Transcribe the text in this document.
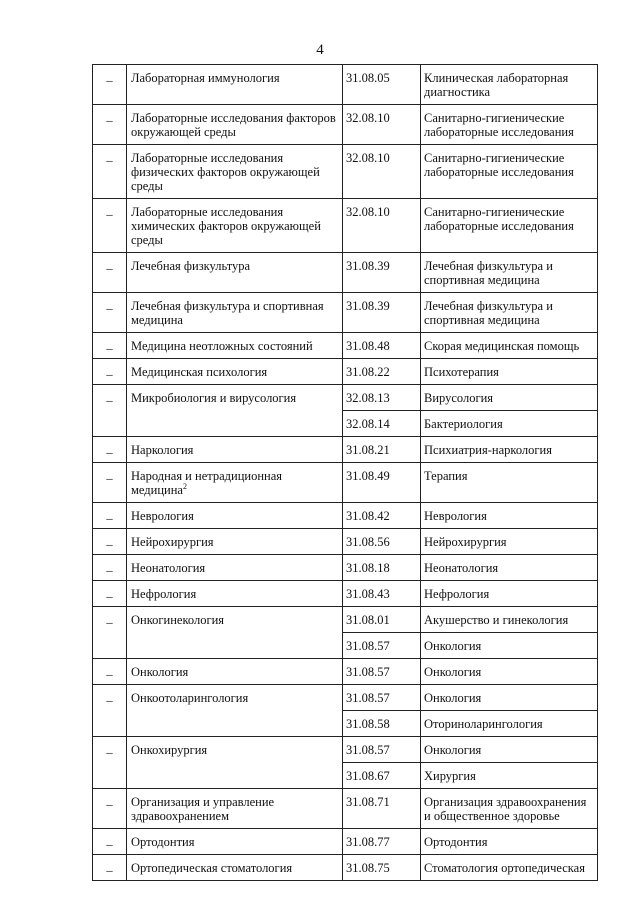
4
_	Лабораторная иммунология	31.08.05	Клиническая лабораторная диагностика
_	Лабораторные исследования факторов окружающей среды	32.08.10	Санитарно-гигиенические лабораторные исследования
_	Лабораторные исследования физических факторов окружающей среды	32.08.10	Санитарно-гигиенические лабораторные исследования
_	Лабораторные исследования химических факторов окружающей среды	32.08.10	Санитарно-гигиенические лабораторные исследования
_	Лечебная физкультура	31.08.39	Лечебная физкультура и спортивная медицина
_	Лечебная физкультура и спортивная медицина	31.08.39	Лечебная физкультура и спортивная медицина
_	Медицина неотложных состояний	31.08.48	Скорая медицинская помощь
_	Медицинская психология	31.08.22	Психотерапия
_	Микробиология и вирусология	32.08.13	Вирусология
		32.08.14	Бактериология
_	Наркология	31.08.21	Психиатрия-наркология
_	Народная и нетрадиционная медицина$^2$	31.08.49	Терапия
_	Неврология	31.08.42	Неврология
_	Нейрохирургия	31.08.56	Нейрохирургия
_	Неонатология	31.08.18	Неонатология
_	Нефрология	31.08.43	Нефрология
_	Онкогинекология	31.08.01	Акушерство и гинекология
		31.08.57	Онкология
_	Онкология	31.08.57	Онкология
_	Онкоотоларингология	31.08.57	Онкология
		31.08.58	Оториноларингология
_	Онкохирургия	31.08.57	Онкология
		31.08.67	Хирургия
_	Организация и управление здравоохранением	31.08.71	Организация здравоохранения и общественное здоровье
_	Ортодонтия	31.08.77	Ортодонтия
_	Ортопедическая стоматология	31.08.75	Стоматология ортопедическая
